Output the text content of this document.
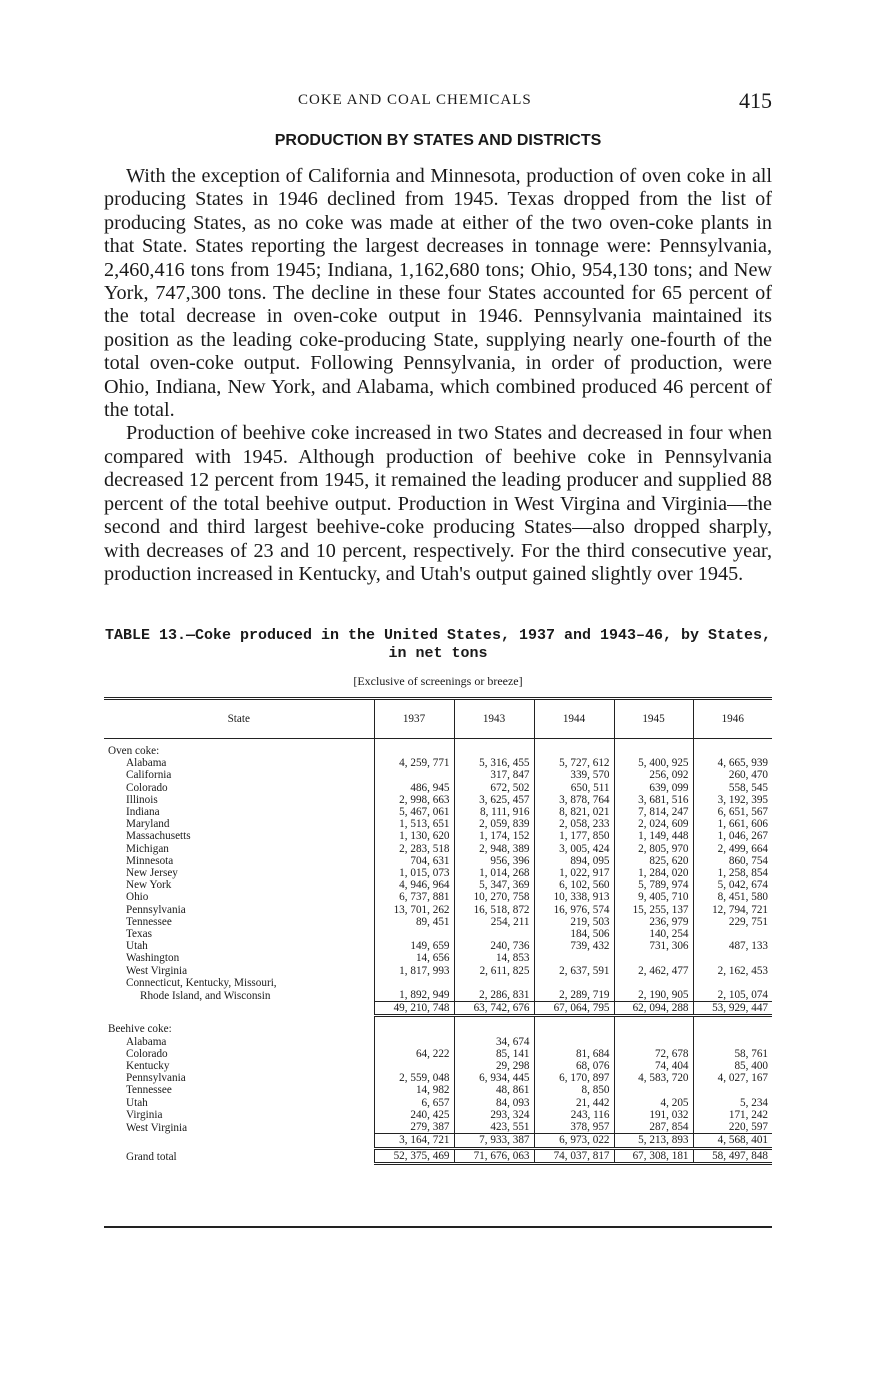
COKE AND COAL CHEMICALS	415
PRODUCTION BY STATES AND DISTRICTS

With the exception of California and Minnesota, production of oven coke in all producing States in 1946 declined from 1945. Texas dropped from the list of producing States, as no coke was made at either of the two oven-coke plants in that State. States reporting the largest decreases in tonnage were: Pennsylvania, 2,460,416 tons from 1945; Indiana, 1,162,680 tons; Ohio, 954,130 tons; and New York, 747,300 tons. The decline in these four States accounted for 65 percent of the total decrease in oven-coke output in 1946. Pennsylvania maintained its position as the leading coke-producing State, supplying nearly one-fourth of the total oven-coke output. Following Pennsylvania, in order of production, were Ohio, Indiana, New York, and Alabama, which combined produced 46 percent of the total.

Production of beehive coke increased in two States and decreased in four when compared with 1945. Although production of beehive coke in Pennsylvania decreased 12 percent from 1945, it remained the leading producer and supplied 88 percent of the total beehive output. Production in West Virgina and Virginia—the second and third largest beehive-coke producing States—also dropped sharply, with decreases of 23 and 10 percent, respectively. For the third consecutive year, production increased in Kentucky, and Utah's output gained slightly over 1945.

TABLE 13.—Coke produced in the United States, 1937 and 1943–46, by States,
in net tons
[Exclusive of screenings or breeze]
State	1937	1943	1944	1945	1946

Oven coke:					
Alabama	4, 259, 771	5, 316, 455	5, 727, 612	5, 400, 925	4, 665, 939
California		317, 847	339, 570	256, 092	260, 470
Colorado	486, 945	672, 502	650, 511	639, 099	558, 545
Illinois	2, 998, 663	3, 625, 457	3, 878, 764	3, 681, 516	3, 192, 395
Indiana	5, 467, 061	8, 111, 916	8, 821, 021	7, 814, 247	6, 651, 567
Maryland	1, 513, 651	2, 059, 839	2, 058, 233	2, 024, 609	1, 661, 606
Massachusetts	1, 130, 620	1, 174, 152	1, 177, 850	1, 149, 448	1, 046, 267
Michigan	2, 283, 518	2, 948, 389	3, 005, 424	2, 805, 970	2, 499, 664
Minnesota	704, 631	956, 396	894, 095	825, 620	860, 754
New Jersey	1, 015, 073	1, 014, 268	1, 022, 917	1, 284, 020	1, 258, 854
New York	4, 946, 964	5, 347, 369	6, 102, 560	5, 789, 974	5, 042, 674
Ohio	6, 737, 881	10, 270, 758	10, 338, 913	9, 405, 710	8, 451, 580
Pennsylvania	13, 701, 262	16, 518, 872	16, 976, 574	15, 255, 137	12, 794, 721
Tennessee	89, 451	254, 211	219, 503	236, 979	229, 751
Texas			184, 506	140, 254	
Utah	149, 659	240, 736	739, 432	731, 306	487, 133
Washington	14, 656	14, 853			
West Virginia	1, 817, 993	2, 611, 825	2, 637, 591	2, 462, 477	2, 162, 453
Connecticut, Kentucky, Missouri,					
Rhode Island, and Wisconsin	1, 892, 949	2, 286, 831	2, 289, 719	2, 190, 905	2, 105, 074
	49, 210, 748	63, 742, 676	67, 064, 795	62, 094, 288	53, 929, 447

Beehive coke:					
Alabama		34, 674			
Colorado	64, 222	85, 141	81, 684	72, 678	58, 761
Kentucky		29, 298	68, 076	74, 404	85, 400
Pennsylvania	2, 559, 048	6, 934, 445	6, 170, 897	4, 583, 720	4, 027, 167
Tennessee	14, 982	48, 861	8, 850		
Utah	6, 657	84, 093	21, 442	4, 205	5, 234
Virginia	240, 425	293, 324	243, 116	191, 032	171, 242
West Virginia	279, 387	423, 551	378, 957	287, 854	220, 597
	3, 164, 721	7, 933, 387	6, 973, 022	5, 213, 893	4, 568, 401
Grand total	52, 375, 469	71, 676, 063	74, 037, 817	67, 308, 181	58, 497, 848
